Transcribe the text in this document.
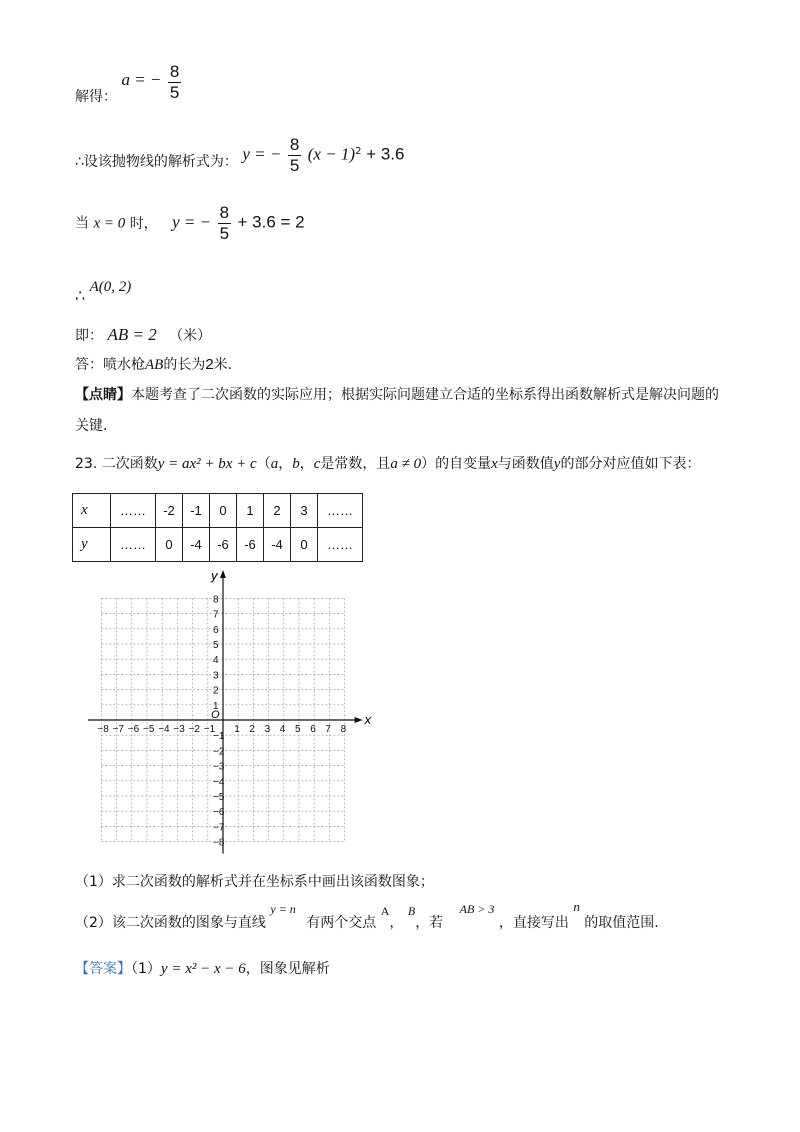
解得： a = − $\frac{8}{5}$
∴设该抛物线的解析式为： y = − $\frac{8}{5} (x - 1)^2 + 3.6$
当 x = 0 时， y = − $\frac{8}{5} + 3.6 = 2$
∴ A(0, 2)
即： AB = 2 （米）
答：喷水枪AB的长为2米.
【点睛】本题考查了二次函数的实际应用；根据实际问题建立合适的坐标系得出函数解析式是解决问题的
关键.
23. 二次函数y = ax² + bx + c（a，b，c是常数，且a ≠ 0）的自变量x与函数值y的部分对应值如下表：
x	……	-2	-1	0	1	2	3	……
y	……	0	-4	-6	-6	-4	0	……
x
y
O
−8 −7 −6 −5 −4 −3 −2 −1 1 2 3 4 5 6 7 8
8
7
6
5
4
3
2
1
−1
−2
−3
−4
−5
−6
−7
−8
（1）求二次函数的解析式并在坐标系中画出该函数图象；
（2）该二次函数的图象与直线 y = n 有两个交点 A， B，若 AB > 3 ，直接写出 n 的取值范围.
【答案】（1）y = x² − x − 6，图象见解析
